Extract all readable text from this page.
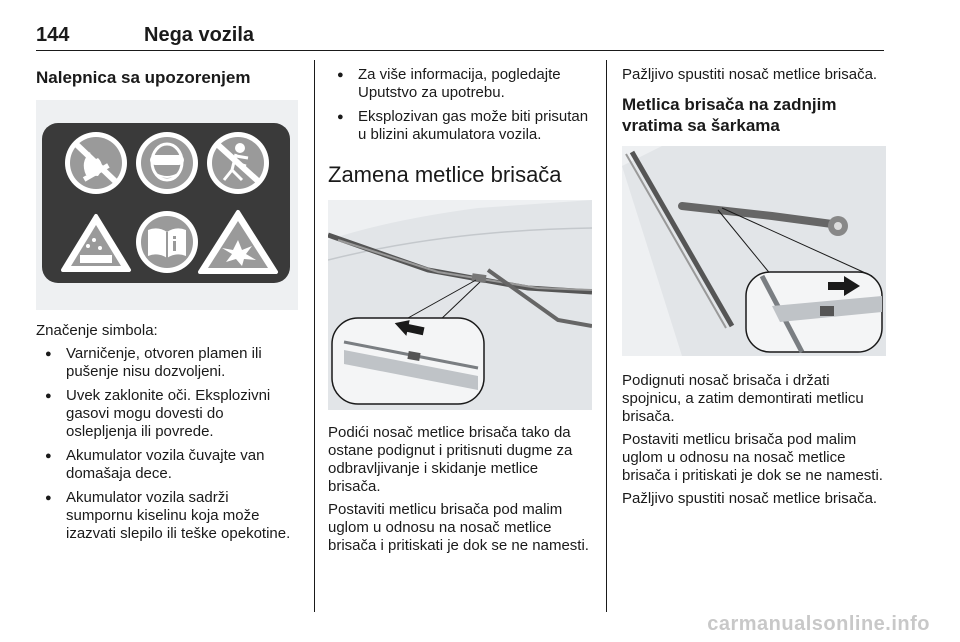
144	Nega vozila
Nalepnica sa upozorenjem

Značenje simbola:

● Varničenje, otvoren plamen ili pušenje nisu dozvoljeni.
● Uvek zaklonite oči. Eksplozivni gasovi mogu dovesti do oslepljenja ili povrede.
● Akumulator vozila čuvajte van domašaja dece.
● Akumulator vozila sadrži sumpornu kiselinu koja može izazvati slepilo ili teške opekotine.
● Za više informacija, pogledajte Uputstvo za upotrebu.
● Eksplozivan gas može biti prisutan u blizini akumulatora vozila.
Zamena metlice brisača

Podići nosač metlice brisača tako da ostane podignut i pritisnuti dugme za odbravljivanje i skidanje metlice brisača.

Postaviti metlicu brisača pod malim uglom u odnosu na nosač metlice brisača i pritiskati je dok se ne namesti.

Pažljivo spustiti nosač metlice brisača.

Metlica brisača na zadnjim vratima sa šarkama

Podignuti nosač brisača i držati spojnicu, a zatim demontirati metlicu brisača.

Postaviti metlicu brisača pod malim uglom u odnosu na nosač metlice brisača i pritiskati je dok se ne namesti.

Pažljivo spustiti nosač metlice brisača.

carmanualsonline.info
